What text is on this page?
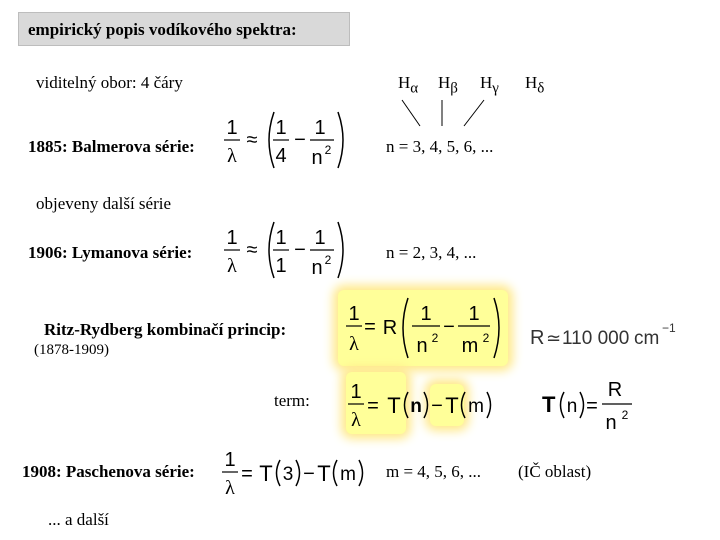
empirický popis vodíkového spektra:
viditelný obor: 4 čáry	$H_\alpha$ $H_\beta$ $H_\gamma$ $H_\delta$
1885: Balmerova série:
1
λ
≈
1
4
−
1
n 2	n = 3, 4, 5, 6, ...
objeveny další série
1906: Lymanova série:
1
λ
≈
1
1
−
1
n 2	n = 2, 3, 4, ...
Ritz-Rydberg kombinačí princip:
(1878-1909)
1
λ
= R
1
n 2 −
1
m 2 R ≃ 110 000 cm −1
term: 1
λ
= T n − T m	T n =
R
n 2
1908: Paschenova série:
1
λ
= T 3 − T m m = 4, 5, 6, ... (IČ oblast)
... a další
